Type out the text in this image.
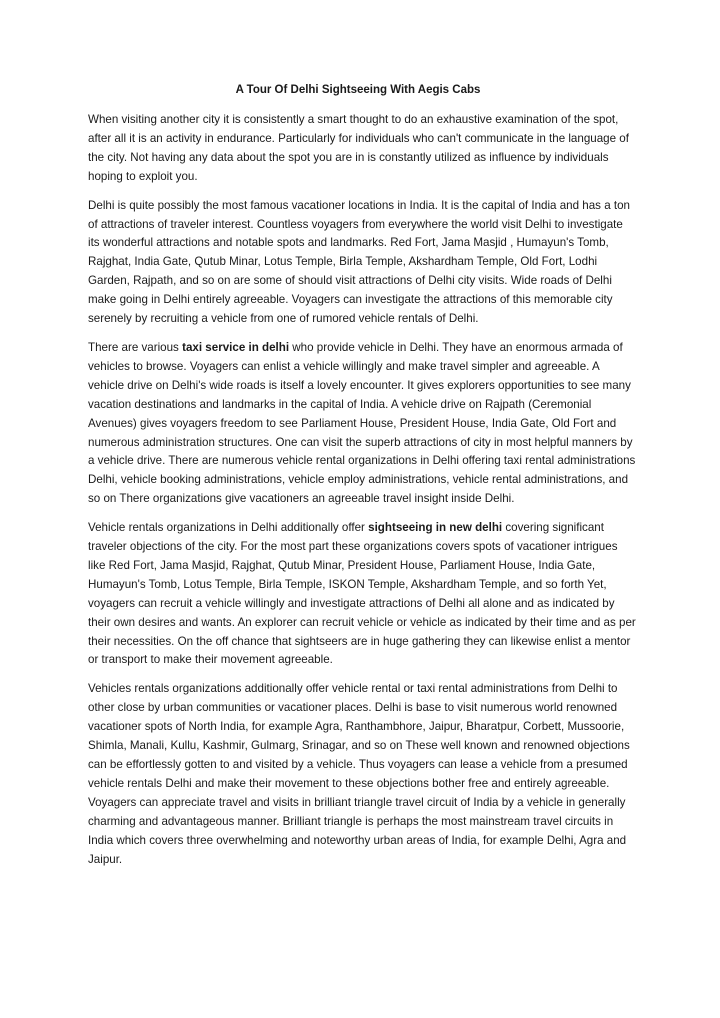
A Tour Of Delhi Sightseeing With Aegis Cabs

When visiting another city it is consistently a smart thought to do an exhaustive examination of the spot, after all it is an activity in endurance. Particularly for individuals who can't communicate in the language of the city. Not having any data about the spot you are in is constantly utilized as influence by individuals hoping to exploit you.

Delhi is quite possibly the most famous vacationer locations in India. It is the capital of India and has a ton of attractions of traveler interest. Countless voyagers from everywhere the world visit Delhi to investigate its wonderful attractions and notable spots and landmarks. Red Fort, Jama Masjid , Humayun's Tomb, Rajghat, India Gate, Qutub Minar, Lotus Temple, Birla Temple, Akshardham Temple, Old Fort, Lodhi Garden, Rajpath, and so on are some of should visit attractions of Delhi city visits. Wide roads of Delhi make going in Delhi entirely agreeable. Voyagers can investigate the attractions of this memorable city serenely by recruiting a vehicle from one of rumored vehicle rentals of Delhi.

There are various taxi service in delhi who provide vehicle in Delhi. They have an enormous armada of vehicles to browse. Voyagers can enlist a vehicle willingly and make travel simpler and agreeable. A vehicle drive on Delhi's wide roads is itself a lovely encounter. It gives explorers opportunities to see many vacation destinations and landmarks in the capital of India. A vehicle drive on Rajpath (Ceremonial Avenues) gives voyagers freedom to see Parliament House, President House, India Gate, Old Fort and numerous administration structures. One can visit the superb attractions of city in most helpful manners by a vehicle drive. There are numerous vehicle rental organizations in Delhi offering taxi rental administrations Delhi, vehicle booking administrations, vehicle employ administrations, vehicle rental administrations, and so on There organizations give vacationers an agreeable travel insight inside Delhi.

Vehicle rentals organizations in Delhi additionally offer sightseeing in new delhi covering significant traveler objections of the city. For the most part these organizations covers spots of vacationer intrigues like Red Fort, Jama Masjid, Rajghat, Qutub Minar, President House, Parliament House, India Gate, Humayun's Tomb, Lotus Temple, Birla Temple, ISKON Temple, Akshardham Temple, and so forth Yet, voyagers can recruit a vehicle willingly and investigate attractions of Delhi all alone and as indicated by their own desires and wants. An explorer can recruit vehicle or vehicle as indicated by their time and as per their necessities. On the off chance that sightseers are in huge gathering they can likewise enlist a mentor or transport to make their movement agreeable.

Vehicles rentals organizations additionally offer vehicle rental or taxi rental administrations from Delhi to other close by urban communities or vacationer places. Delhi is base to visit numerous world renowned vacationer spots of North India, for example Agra, Ranthambhore, Jaipur, Bharatpur, Corbett, Mussoorie, Shimla, Manali, Kullu, Kashmir, Gulmarg, Srinagar, and so on These well known and renowned objections can be effortlessly gotten to and visited by a vehicle. Thus voyagers can lease a vehicle from a presumed vehicle rentals Delhi and make their movement to these objections bother free and entirely agreeable. Voyagers can appreciate travel and visits in brilliant triangle travel circuit of India by a vehicle in generally charming and advantageous manner. Brilliant triangle is perhaps the most mainstream travel circuits in India which covers three overwhelming and noteworthy urban areas of India, for example Delhi, Agra and Jaipur.
